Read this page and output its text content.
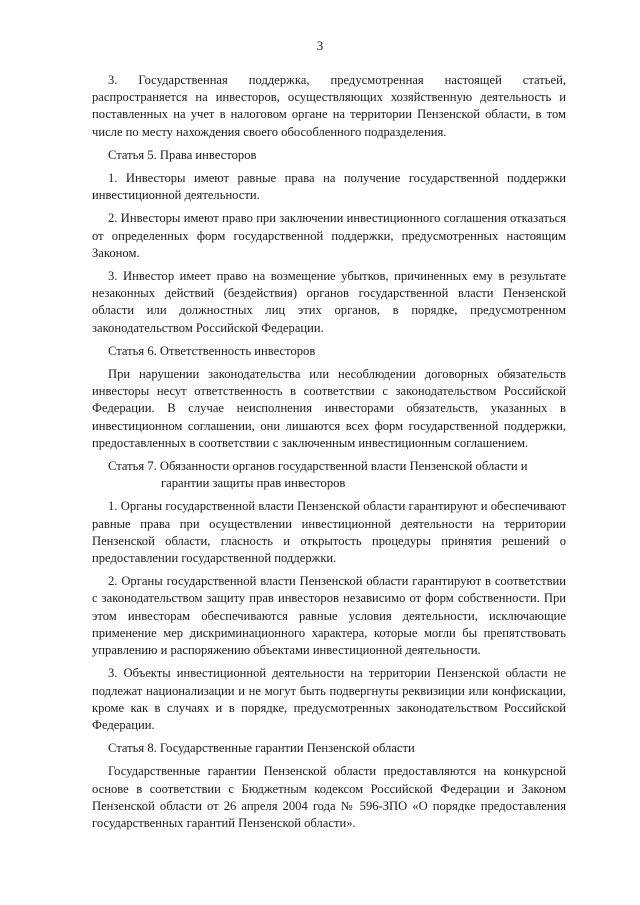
3

3. Государственная поддержка, предусмотренная настоящей статьей, распространяется на инвесторов, осуществляющих хозяйственную деятельность и поставленных на учет в налоговом органе на территории Пензенской области, в том числе по месту нахождения своего обособленного подразделения.

Статья 5. Права инвесторов

1. Инвесторы имеют равные права на получение государственной поддержки инвестиционной деятельности.

2. Инвесторы имеют право при заключении инвестиционного соглашения отказаться от определенных форм государственной поддержки, предусмотренных настоящим Законом.

3. Инвестор имеет право на возмещение убытков, причиненных ему в результате незаконных действий (бездействия) органов государственной власти Пензенской области или должностных лиц этих органов, в порядке, предусмотренном законодательством Российской Федерации.

Статья 6. Ответственность инвесторов

При нарушении законодательства или несоблюдении договорных обязательств инвесторы несут ответственность в соответствии с законодательством Российской Федерации. В случае неисполнения инвесторами обязательств, указанных в инвестиционном соглашении, они лишаются всех форм государственной поддержки, предоставленных в соответствии с заключенным инвестиционным соглашением.

Статья 7. Обязанности органов государственной власти Пензенской области и гарантии защиты прав инвесторов

1. Органы государственной власти Пензенской области гарантируют и обеспечивают равные права при осуществлении инвестиционной деятельности на территории Пензенской области, гласность и открытость процедуры принятия решений о предоставлении государственной поддержки.

2. Органы государственной власти Пензенской области гарантируют в соответствии с законодательством защиту прав инвесторов независимо от форм собственности. При этом инвесторам обеспечиваются равные условия деятельности, исключающие применение мер дискриминационного характера, которые могли бы препятствовать управлению и распоряжению объектами инвестиционной деятельности.

3. Объекты инвестиционной деятельности на территории Пензенской области не подлежат национализации и не могут быть подвергнуты реквизиции или конфискации, кроме как в случаях и в порядке, предусмотренных законодательством Российской Федерации.

Статья 8. Государственные гарантии Пензенской области

Государственные гарантии Пензенской области предоставляются на конкурсной основе в соответствии с Бюджетным кодексом Российской Федерации и Законом Пензенской области от 26 апреля 2004 года № 596-ЗПО «О порядке предоставления государственных гарантий Пензенской области».
